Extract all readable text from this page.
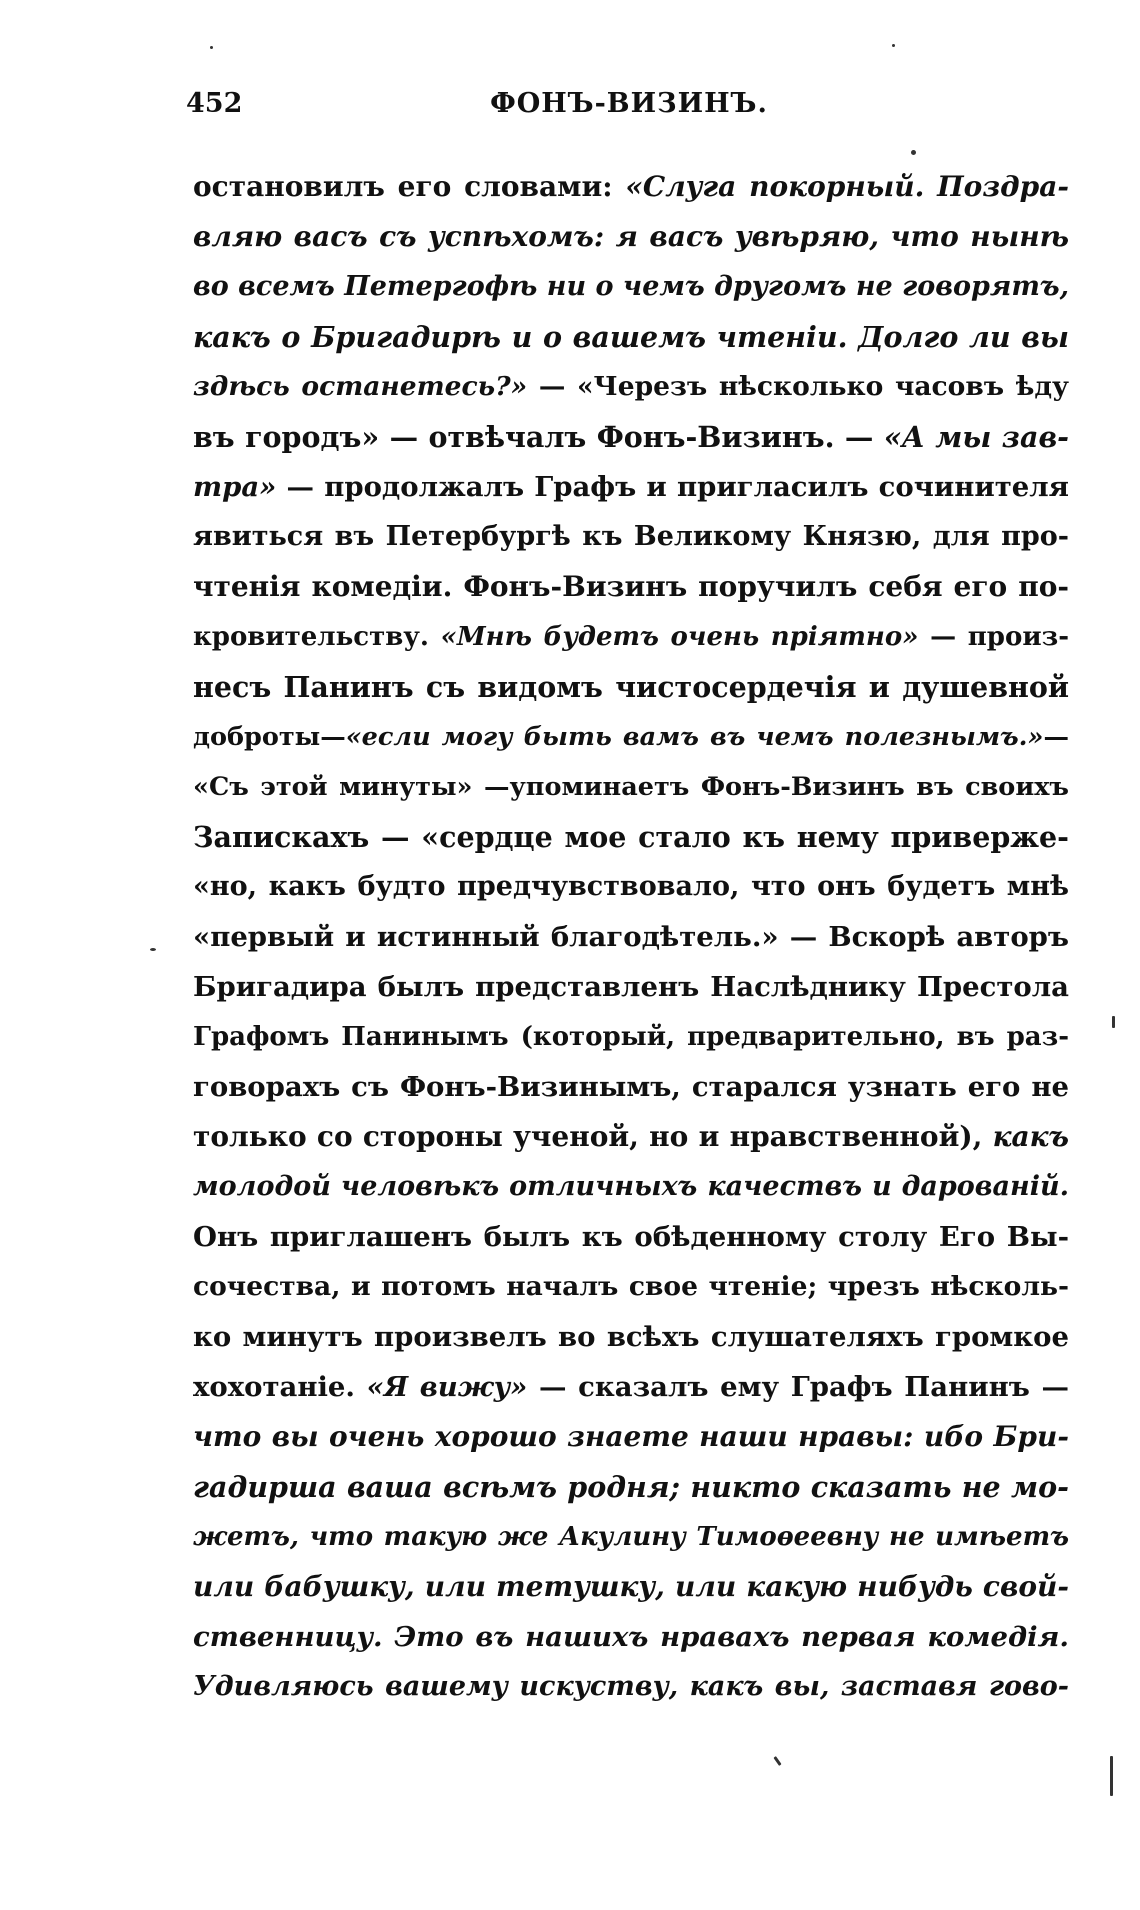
452	ФОНЪ-ВИЗИНЪ.
остановилъ его словами: «Слуга покорный. Поздра-
вляю васъ съ успѣхомъ: я васъ увѣряю, что нынѣ
во всемъ Петергофѣ ни о чемъ другомъ не говорятъ,
какъ о Бригадирѣ и о вашемъ чтеніи. Долго ли вы
здѣсь останетесь?» — «Черезъ нѣсколько часовъ ѣду
въ городъ» — отвѣчалъ Фонъ-Визинъ. — «А мы зав-
тра» — продолжалъ Графъ и пригласилъ сочинителя
явиться въ Петербургѣ къ Великому Князю, для про-
чтенія комедіи. Фонъ-Визинъ поручилъ себя его по-
кровительству. «Мнѣ будетъ очень пріятно» — произ-
несъ Панинъ съ видомъ чистосердечія и душевной
доброты—«если могу быть вамъ въ чемъ полезнымъ.»—
«Съ этой минуты» —упоминаетъ Фонъ-Визинъ въ своихъ
Запискахъ — «сердце мое стало къ нему привержe-
«но, какъ будто предчувствовало, что онъ будетъ мнѣ
«первый и истинный благодѣтель.» — Вскорѣ авторъ
Бригадира былъ представленъ Наслѣднику Престола
Графомъ Панинымъ (который, предварительно, въ раз-
говорахъ съ Фонъ-Визинымъ, старался узнать его не
только со стороны ученой, но и нравственной), какъ
молодой человѣкъ отличныхъ качествъ и дарованій.
Онъ приглашенъ былъ къ обѣденному столу Его Вы-
сочества, и потомъ началъ свое чтеніе; чрезъ нѣсколь-
ко минутъ произвелъ во всѣхъ слушателяхъ громкое
хохотаніе. «Я вижу» — сказалъ ему Графъ Панинъ —
что вы очень хорошо знаете наши нравы: ибо Бри-
гадирша ваша всѣмъ родня; никто сказать не мо-
жетъ, что такую же Акулину Тимоѳеевну не имѣетъ
или бабушку, или тетушку, или какую нибудь свой-
ственницу. Это въ нашихъ нравахъ первая комедія.
Удивляюсь вашему искуству, какъ вы, заставя гово-
